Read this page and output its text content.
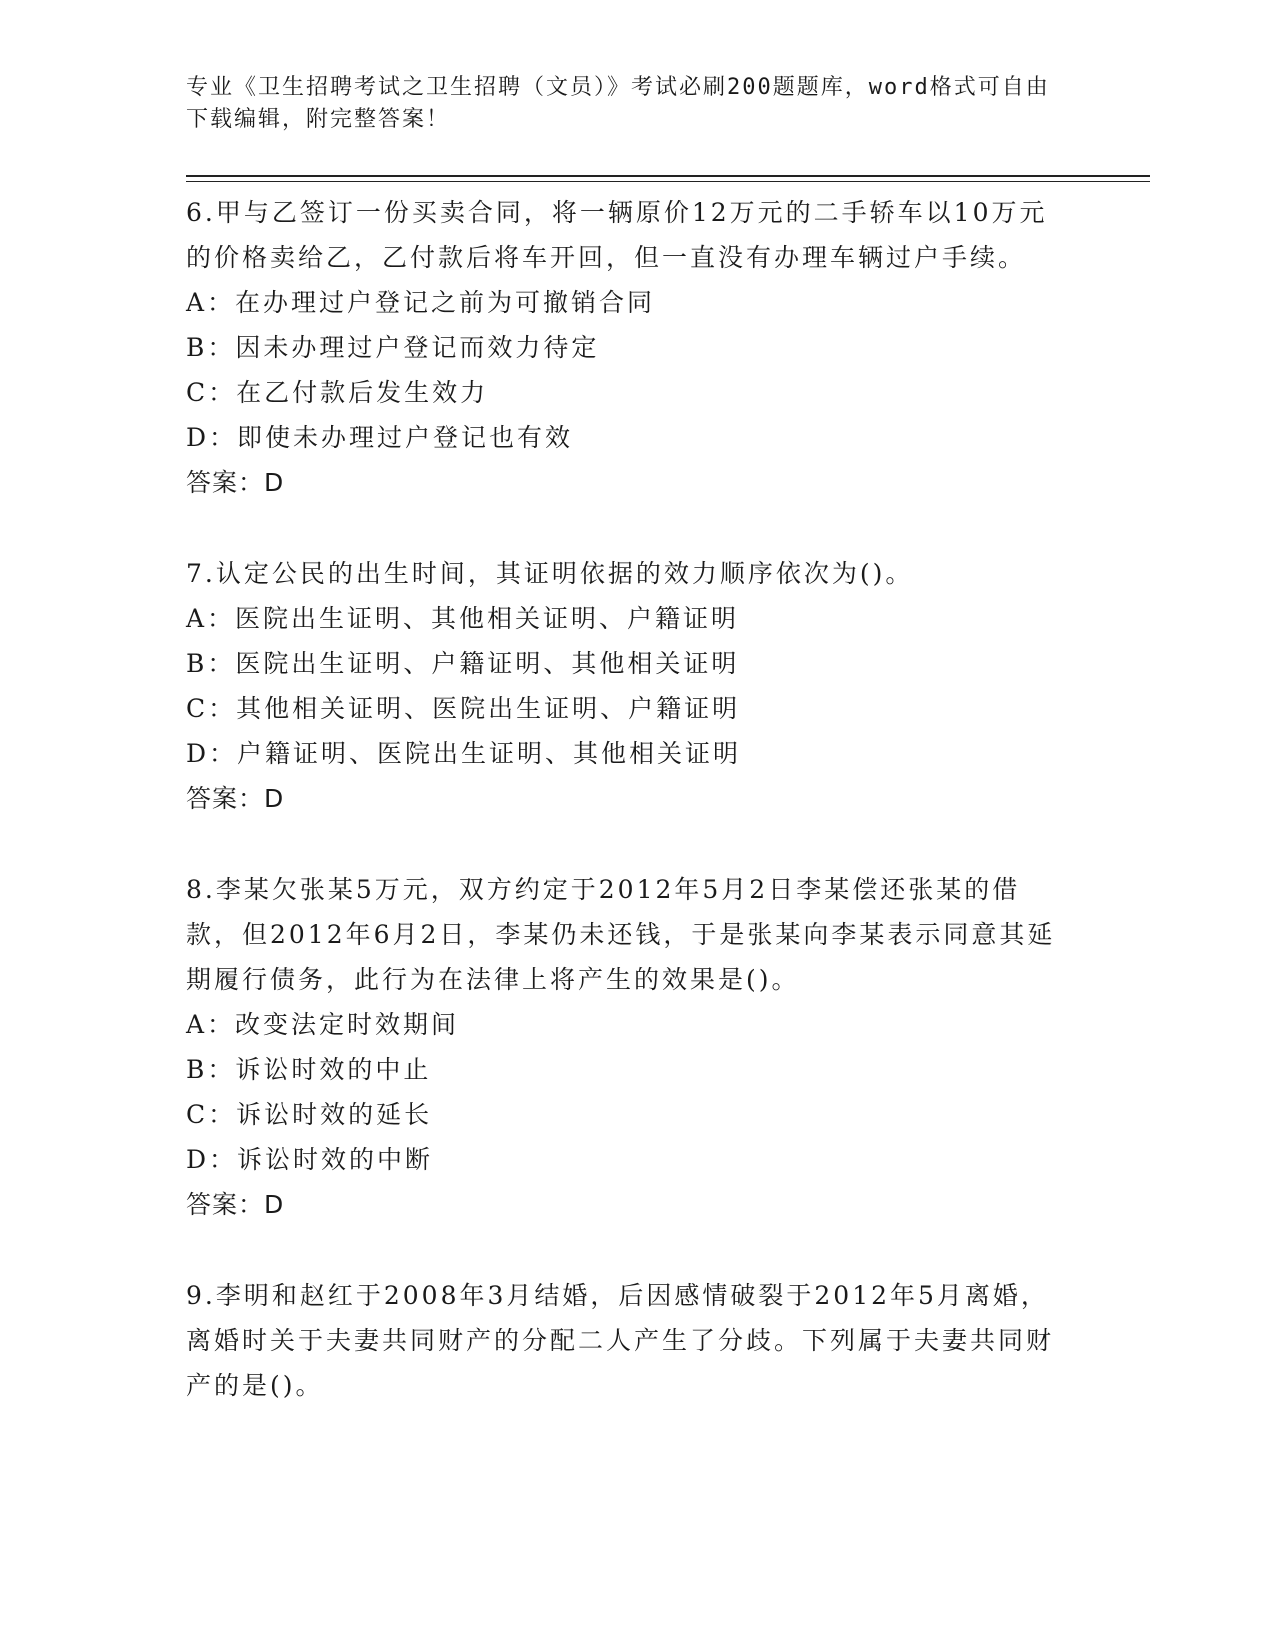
专业《卫生招聘考试之卫生招聘（文员）》考试必刷200题题库，word格式可自由下载编辑，附完整答案！

6.甲与乙签订一份买卖合同，将一辆原价12万元的二手轿车以10万元的价格卖给乙，乙付款后将车开回，但一直没有办理车辆过户手续。

A：在办理过户登记之前为可撤销合同

B：因未办理过户登记而效力待定

C：在乙付款后发生效力

D：即使未办理过户登记也有效

答案：D

7.认定公民的出生时间，其证明依据的效力顺序依次为()。

A：医院出生证明、其他相关证明、户籍证明

B：医院出生证明、户籍证明、其他相关证明

C：其他相关证明、医院出生证明、户籍证明

D：户籍证明、医院出生证明、其他相关证明

答案：D

8.李某欠张某5万元，双方约定于2012年5月2日李某偿还张某的借款，但2012年6月2日，李某仍未还钱，于是张某向李某表示同意其延期履行债务，此行为在法律上将产生的效果是()。

A：改变法定时效期间

B：诉讼时效的中止

C：诉讼时效的延长

D：诉讼时效的中断

答案：D

9.李明和赵红于2008年3月结婚，后因感情破裂于2012年5月离婚，离婚时关于夫妻共同财产的分配二人产生了分歧。下列属于夫妻共同财产的是()。
